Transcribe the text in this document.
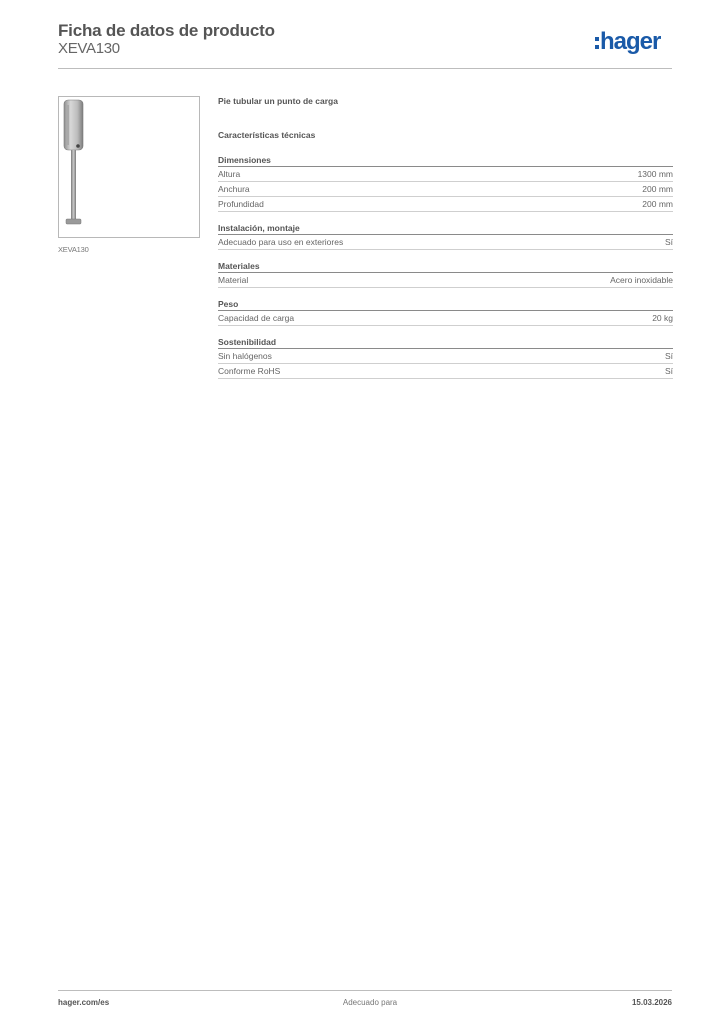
Ficha de datos de producto
XEVA130	hager
XEVA130
Pie tubular un punto de carga
Características técnicas
Dimensiones
Altura	1300 mm
Anchura	200 mm
Profundidad	200 mm
Instalación, montaje
Adecuado para uso en exteriores	Sí
Materiales
Material	Acero inoxidable
Peso
Capacidad de carga	20 kg
Sostenibilidad
Sin halógenos	Sí
Conforme RoHS	Sí
hager.com/es	Adecuado para	15.03.2026
